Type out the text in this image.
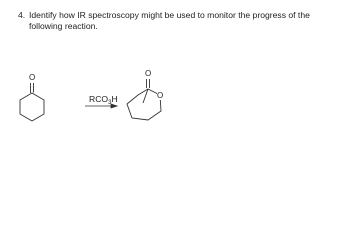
4. Identify how IR spectroscopy might be used to monitor the progress of the following reaction.
O	O
O
$RCO_3H$
